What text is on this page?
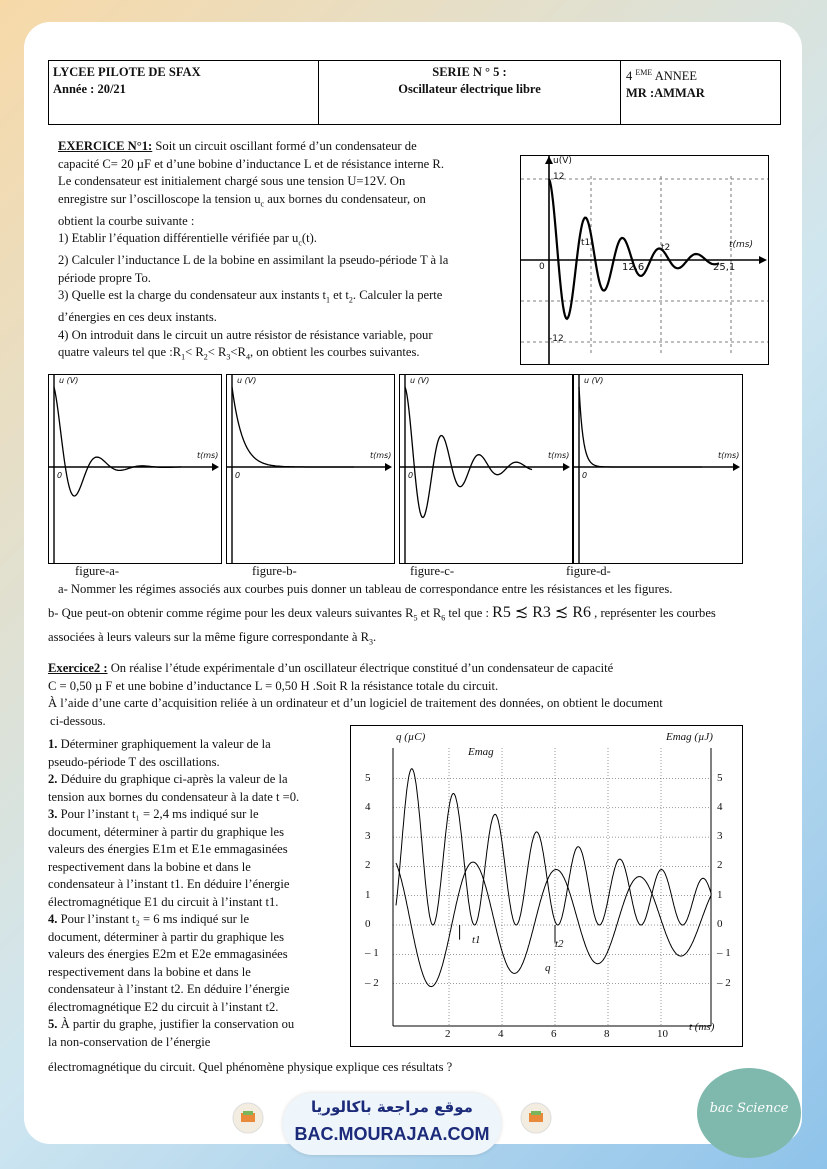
LYCEE PILOTE DE SFAX
Année : 20/21
SERIE N ° 5 :
Oscillateur électrique libre
4 $^{EME}$ ANNEE
MR :AMMAR
EXERCICE N°1: Soit un circuit oscillant formé d’un condensateur de
capacité C= 20 µF et d’une bobine d’inductance L et de résistance interne R.
Le condensateur est initialement chargé sous une tension U=12V. On
enregistre sur l’oscilloscope la tension $u_c$ aux bornes du condensateur, on
obtient la courbe suivante :
1) Etablir l’équation différentielle vérifiée par $u_c(t)$.
2) Calculer l’inductance L de la bobine en assimilant la pseudo-période T à la
période propre To.
3) Quelle est la charge du condensateur aux instants $t_1$ et $t_2$. Calculer la perte
d’énergies en ces deux instants.
4) On introduit dans le circuit un autre résistor de résistance variable, pour
quatre valeurs tel que $:R_1< R_2< R_3<R_4$, on obtient les courbes suivantes.
u(V)
12
-12
0
t(ms)
12,6	25,1
t1	t2
u (V)
t(ms)
0
u (V)
t(ms)
0
u (V)
t(ms)
0
u (V)
t(ms)
0
figure-a-	figure-b-	figure-c-	figure-d-
a- Nommer les régimes associés aux courbes puis donner un tableau de correspondance entre les résistances et les figures.
b- Que peut-on obtenir comme régime pour les deux valeurs suivantes $R_5$ et $R_6$ tel que : R5 ≾ R3 ≾ R6 , représenter les courbes
associées à leurs valeurs sur la même figure correspondante à $R_3$.
Exercice2 : On réalise l’étude expérimentale d’un oscillateur électrique constitué d’un condensateur de capacité
C = 0,50 µ F et une bobine d’inductance L = 0,50 H .Soit R la résistance totale du circuit.
À l’aide d’une carte d’acquisition reliée à un ordinateur et d’un logiciel de traitement des données, on obtient le document
ci-dessous.
1. Déterminer graphiquement la valeur de la
pseudo-période T des oscillations.
2. Déduire du graphique ci-après la valeur de la
tension aux bornes du condensateur à la date t =0.
3. Pour l’instant t₁ = 2,4 ms indiqué sur le
document, déterminer à partir du graphique les
valeurs des énergies E1m et E1e emmagasinées
respectivement dans la bobine et dans le
condensateur à l’instant t1. En déduire l’énergie
électromagnétique E1 du circuit à l’instant t1.
4. Pour l’instant t₂ = 6 ms indiqué sur le
document, déterminer à partir du graphique les
valeurs des énergies E2m et E2e emmagasinées
respectivement dans la bobine et dans le
condensateur à l’instant t2. En déduire l’énergie
électromagnétique E2 du circuit à l’instant t2.
5. À partir du graphe, justifier la conservation ou
la non-conservation de l’énergie
électromagnétique du circuit. Quel phénomène physique explique ces résultats ?
q (µC)	Emag (µJ)
Emag
q
t1	t2
t (ms)
5
4
3
2
1
0
– 1
– 2
5
4
3
2
1
0
– 1
– 2
2	4	6	8	10
موقع مراجعة باكالوريا
BAC.MOURAJAA.COM
bac Science
